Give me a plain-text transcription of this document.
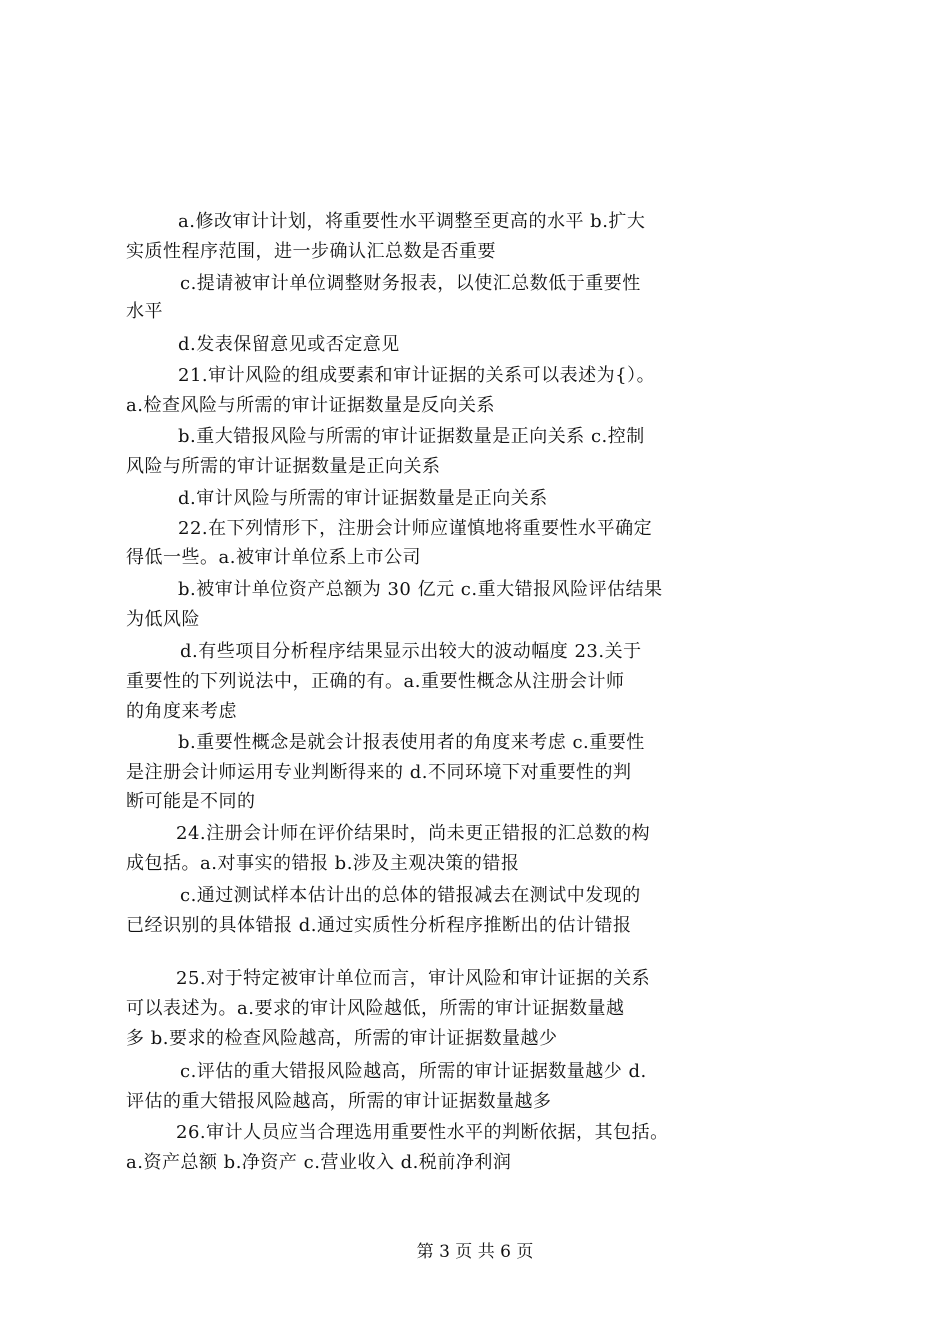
a.修改审计计划，将重要性水平调整至更高的水平 b.扩大
实质性程序范围，进一步确认汇总数是否重要
c.提请被审计单位调整财务报表，以使汇总数低于重要性
水平
d.发表保留意见或否定意见
21.审计风险的组成要素和审计证据的关系可以表述为{）。
a.检查风险与所需的审计证据数量是反向关系
b.重大错报风险与所需的审计证据数量是正向关系 c.控制
风险与所需的审计证据数量是正向关系
d.审计风险与所需的审计证据数量是正向关系
22.在下列情形下，注册会计师应谨慎地将重要性水平确定
得低一些。a.被审计单位系上市公司
b.被审计单位资产总额为 30 亿元 c.重大错报风险评估结果
为低风险
d.有些项目分析程序结果显示出较大的波动幅度 23.关于
重要性的下列说法中，正确的有。a.重要性概念从注册会计师
的角度来考虑
b.重要性概念是就会计报表使用者的角度来考虑 c.重要性
是注册会计师运用专业判断得来的 d.不同环境下对重要性的判
断可能是不同的
24.注册会计师在评价结果时，尚未更正错报的汇总数的构
成包括。a.对事实的错报 b.涉及主观决策的错报
c.通过测试样本估计出的总体的错报减去在测试中发现的
已经识别的具体错报 d.通过实质性分析程序推断出的估计错报
25.对于特定被审计单位而言，审计风险和审计证据的关系
可以表述为。a.要求的审计风险越低，所需的审计证据数量越
多 b.要求的检查风险越高，所需的审计证据数量越少
c.评估的重大错报风险越高，所需的审计证据数量越少 d.
评估的重大错报风险越高，所需的审计证据数量越多
26.审计人员应当合理选用重要性水平的判断依据，其包括。
a.资产总额 b.净资产 c.营业收入 d.税前净利润
第 3 页 共 6 页
